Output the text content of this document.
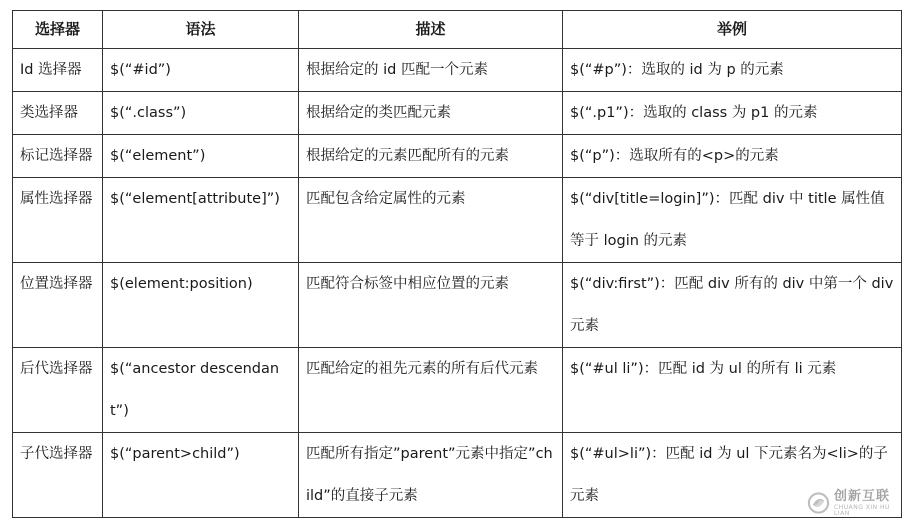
选择器	语法	描述	举例
Id 选择器	$(“#id”)	根据给定的 id 匹配一个元素	$(“#p”)：选取的 id 为 p 的元素
类选择器	$(“.class”)	根据给定的类匹配元素	$(“.p1”)：选取的 class 为 p1 的元素
标记选择器	$(“element”)	根据给定的元素匹配所有的元素	$(“p”)：选取所有的<p>的元素
属性选择器	$(“element[attribute]”)	匹配包含给定属性的元素	$(“div[title=login]”)：匹配 div 中 title 属性值等于 login 的元素
位置选择器	$(element:position)	匹配符合标签中相应位置的元素	$(“div:first”)：匹配 div 所有的 div 中第一个 div 元素
后代选择器	$(“ancestor descendant”)	匹配给定的祖先元素的所有后代元素	$(“#ul li”)：匹配 id 为 ul 的所有 li 元素
子代选择器	$(“parent>child”)	匹配所有指定”parent”元素中指定”child”的直接子元素	$(“#ul>li”)：匹配 id 为 ul 下元素名为<li>的子元素	创新互联
CHUANG XIN HU LIAN
